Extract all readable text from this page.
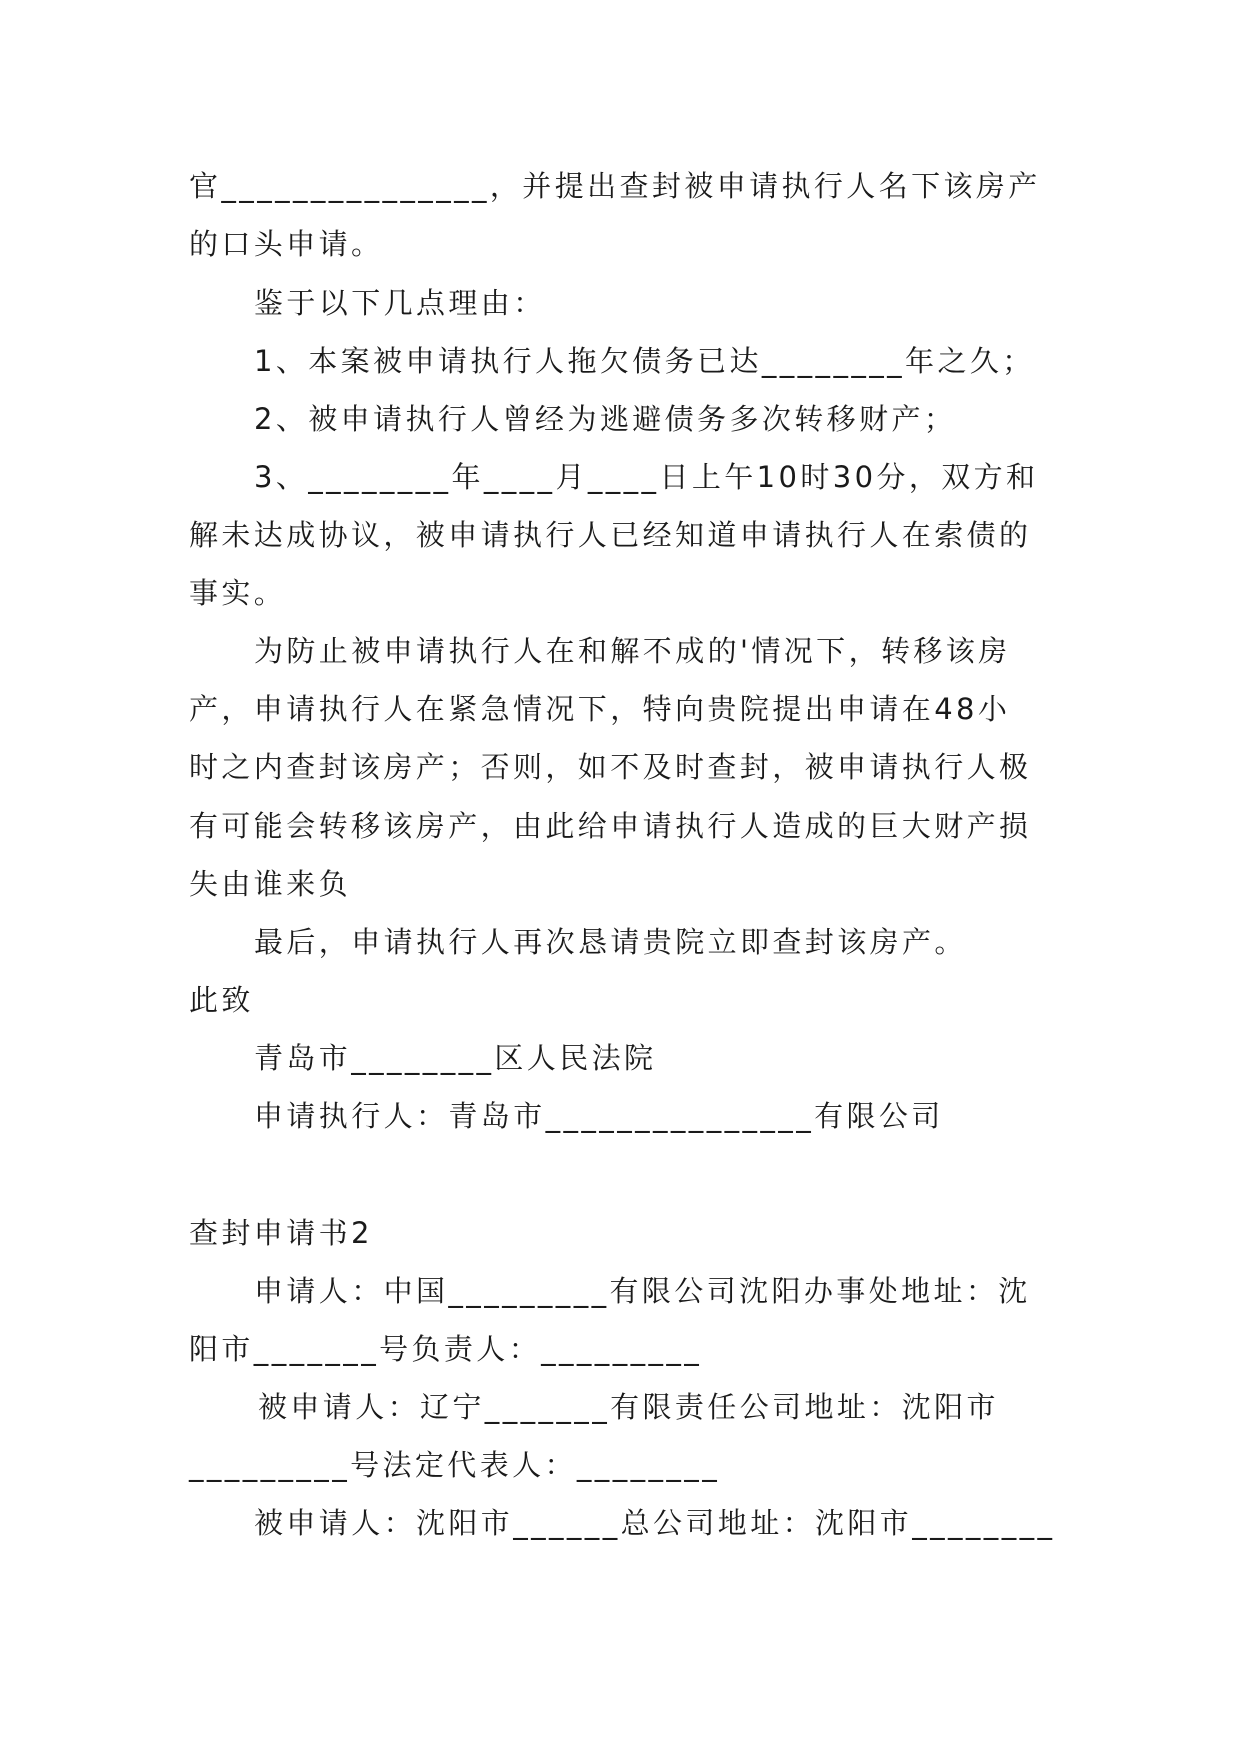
官_______________，并提出查封被申请执行人名下该房产
的口头申请。
鉴于以下几点理由：
1、本案被申请执行人拖欠债务已达________年之久；
2、被申请执行人曾经为逃避债务多次转移财产；
3、________年____月____日上午10时30分，双方和
解未达成协议，被申请执行人已经知道申请执行人在索债的
事实。
为防止被申请执行人在和解不成的'情况下，转移该房
产，申请执行人在紧急情况下，特向贵院提出申请在48小
时之内查封该房产；否则，如不及时查封，被申请执行人极
有可能会转移该房产，由此给申请执行人造成的巨大财产损
失由谁来负
最后，申请执行人再次恳请贵院立即查封该房产。
此致
青岛市________区人民法院
申请执行人：青岛市_______________有限公司
查封申请书2
申请人：中国_________有限公司沈阳办事处地址：沈
阳市_______号负责人：_________
被申请人：辽宁_______有限责任公司地址：沈阳市
_________号法定代表人：________
被申请人：沈阳市______总公司地址：沈阳市________
